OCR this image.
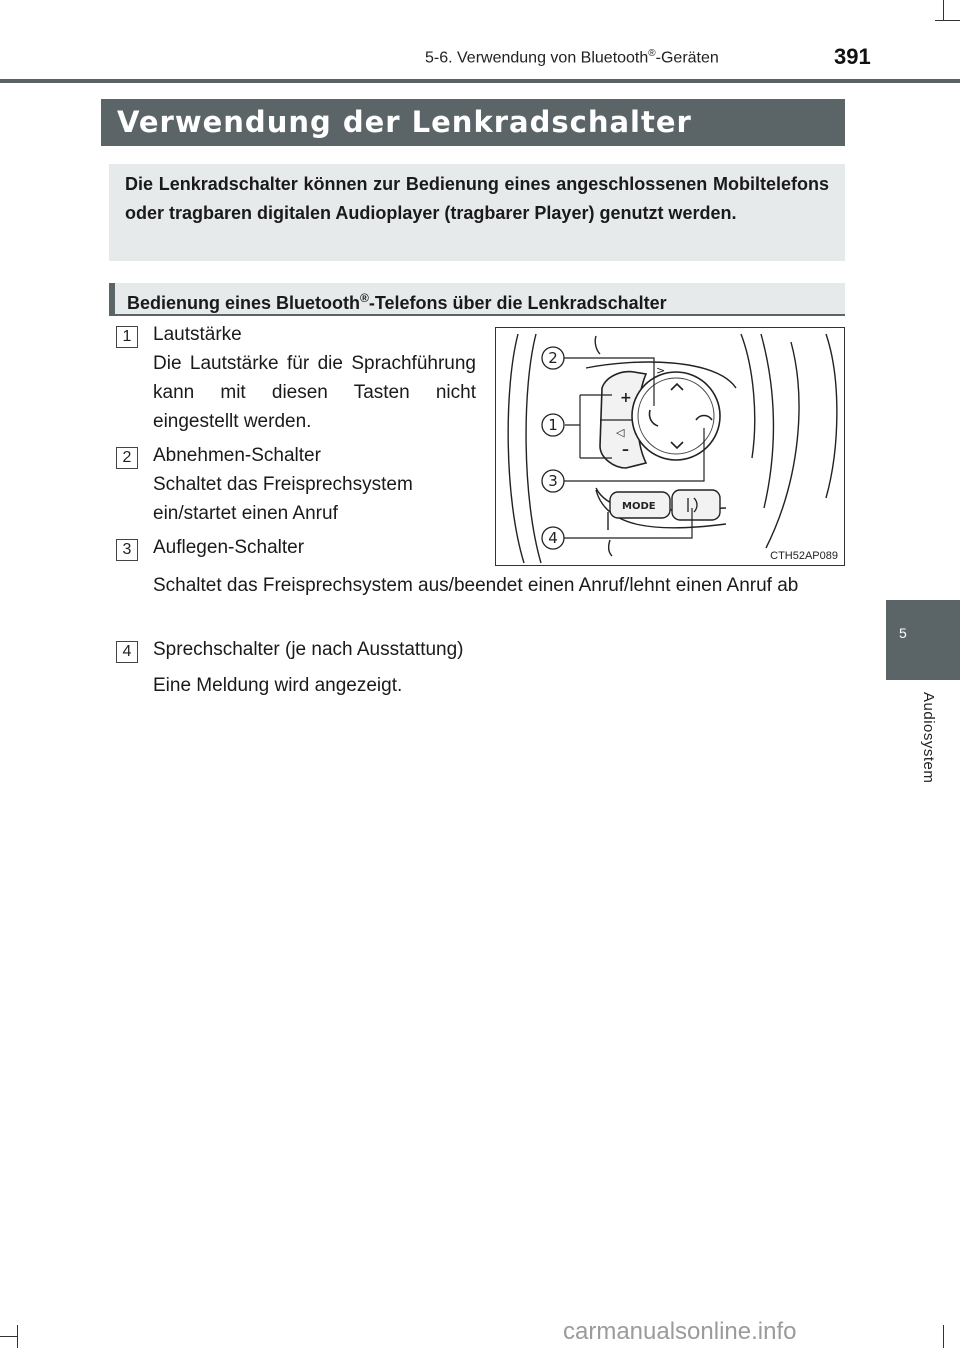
5-6. Verwendung von Bluetooth®-Geräten	391
Verwendung der Lenkradschalter
Die Lenkradschalter können zur Bedienung eines angeschlossenen Mobiltelefons oder tragbaren digitalen Audioplayer (tragbarer Player) genutzt werden.
Bedienung eines Bluetooth®-Telefons über die Lenkradschalter
1	Lautstärke
Die Lautstärke für die Sprachführung kann mit diesen Tasten nicht eingestellt werden.
2	Abnehmen-Schalter
Schaltet das Freisprechsystem ein/startet einen Anruf
3	Auflegen-Schalter
Schaltet das Freisprechsystem aus/beendet einen Anruf/lehnt einen Anruf ab
4	Sprechschalter (je nach Ausstattung)
Eine Meldung wird angezeigt.
+
–
◁
>
MODE
2
1
3
4
CTH52AP089
5
Audiosystem
carmanualsonline.info
